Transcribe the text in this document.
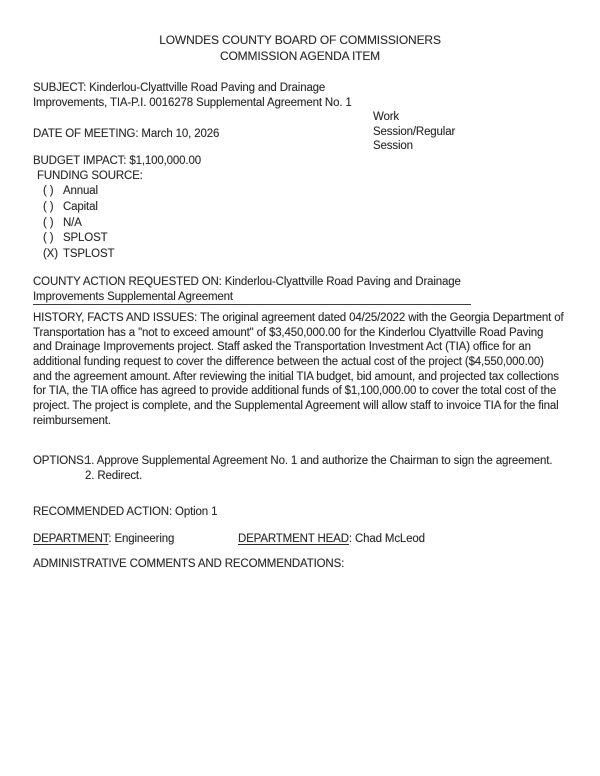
LOWNDES COUNTY BOARD OF COMMISSIONERS
COMMISSION AGENDA ITEM
SUBJECT: Kinderlou-Clyattville Road Paving and Drainage
Improvements, TIA-P.I. 0016278 Supplemental Agreement No. 1
Work
Session/Regular
Session
DATE OF MEETING: March 10, 2026
BUDGET IMPACT: $1,100,000.00
FUNDING SOURCE:
( ) Annual
( ) Capital
( ) N/A
( ) SPLOST
(X) TSPLOST
COUNTY ACTION REQUESTED ON: Kinderlou-Clyattville Road Paving and Drainage
Improvements Supplemental Agreement

HISTORY, FACTS AND ISSUES: The original agreement dated 04/25/2022 with the Georgia Department of Transportation has a "not to exceed amount" of $3,450,000.00 for the Kinderlou Clyattville Road Paving and Drainage Improvements project. Staff asked the Transportation Investment Act (TIA) office for an additional funding request to cover the difference between the actual cost of the project ($4,550,000.00) and the agreement amount. After reviewing the initial TIA budget, bid amount, and projected tax collections for TIA, the TIA office has agreed to provide additional funds of $1,100,000.00 to cover the total cost of the project. The project is complete, and the Supplemental Agreement will allow staff to invoice TIA for the final reimbursement.

OPTIONS:
1. Approve Supplemental Agreement No. 1 and authorize the Chairman to sign the agreement.
2. Redirect.
RECOMMENDED ACTION: Option 1
DEPARTMENT: Engineering	DEPARTMENT HEAD: Chad McLeod
ADMINISTRATIVE COMMENTS AND RECOMMENDATIONS:
